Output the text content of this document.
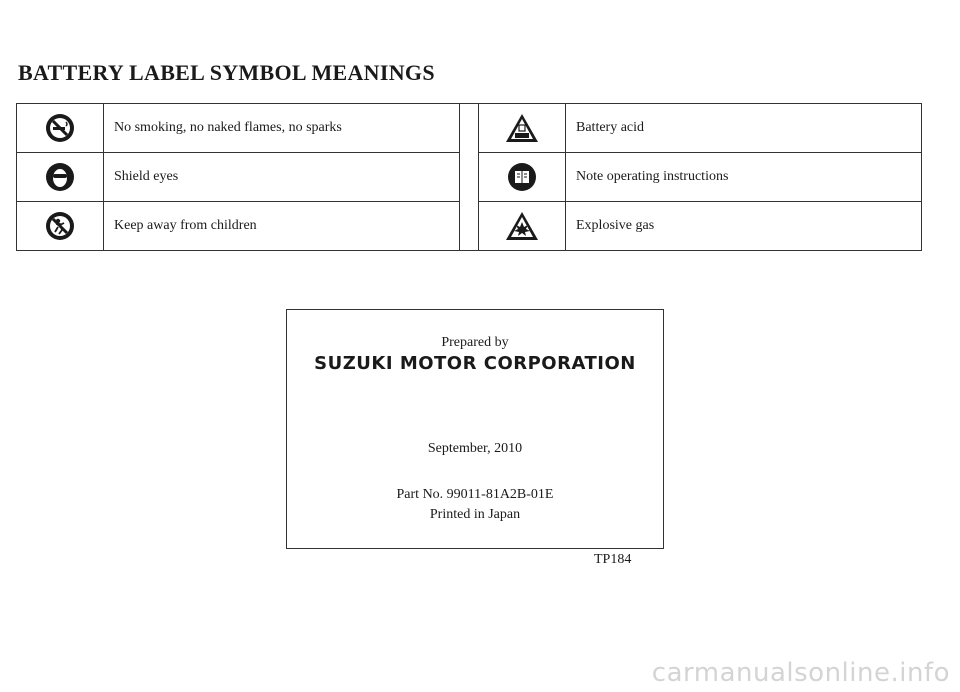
BATTERY LABEL SYMBOL MEANINGS
	No smoking, no naked flames, no sparks			Battery acid

	Shield eyes			Note operating instructions

	Keep away from children			Explosive gas
Prepared by
SUZUKI MOTOR CORPORATION
September, 2010
Part No. 99011-81A2B-01E
Printed in Japan
TP184
carmanualsonline.info
